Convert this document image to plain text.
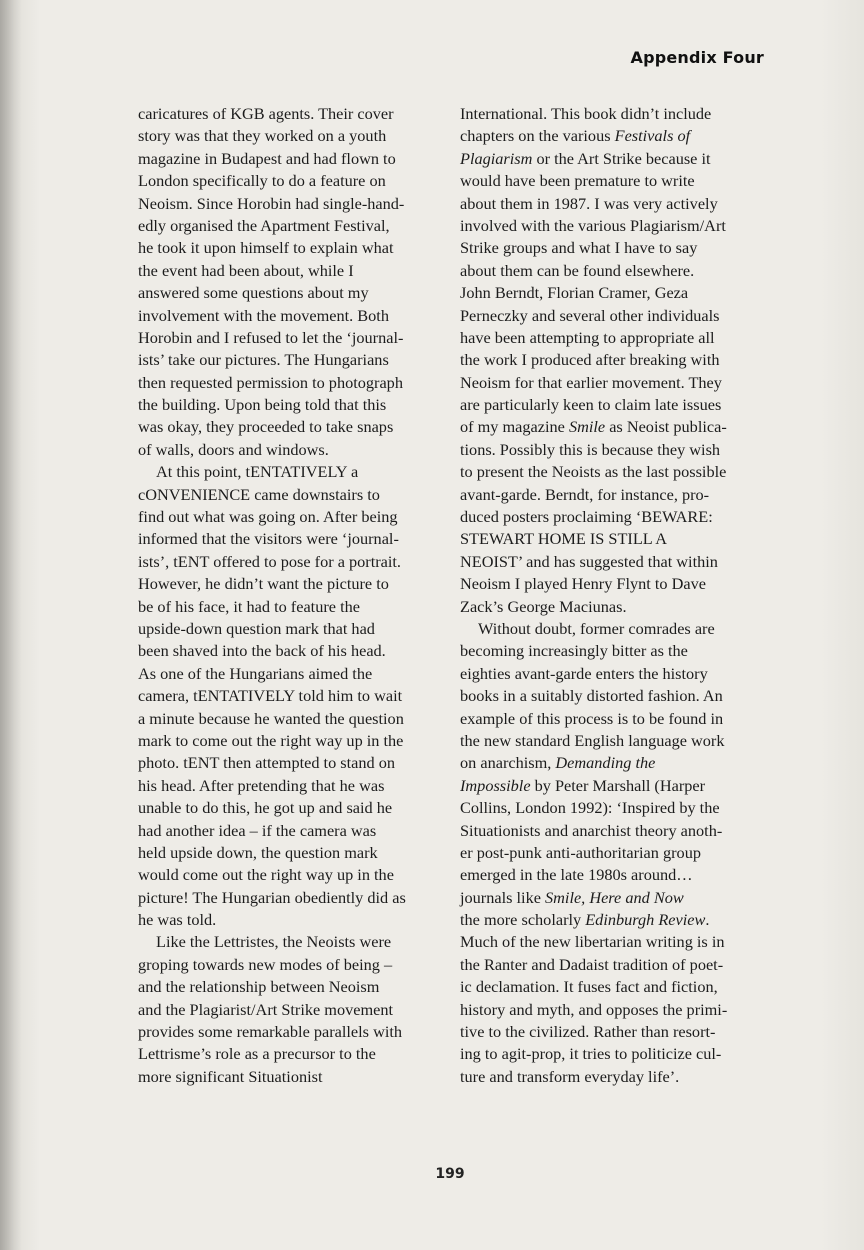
Appendix Four
caricatures of KGB agents. Their cover
story was that they worked on a youth
magazine in Budapest and had flown to
London specifically to do a feature on
Neoism. Since Horobin had single-hand-
edly organised the Apartment Festival,
he took it upon himself to explain what
the event had been about, while I
answered some questions about my
involvement with the movement. Both
Horobin and I refused to let the ‘journal-
ists’ take our pictures. The Hungarians
then requested permission to photograph
the building. Upon being told that this
was okay, they proceeded to take snaps
of walls, doors and windows.
At this point, tENTATIVELY a
cONVENIENCE came downstairs to
find out what was going on. After being
informed that the visitors were ‘journal-
ists’, tENT offered to pose for a portrait.
However, he didn’t want the picture to
be of his face, it had to feature the
upside-down question mark that had
been shaved into the back of his head.
As one of the Hungarians aimed the
camera, tENTATIVELY told him to wait
a minute because he wanted the question
mark to come out the right way up in the
photo. tENT then attempted to stand on
his head. After pretending that he was
unable to do this, he got up and said he
had another idea – if the camera was
held upside down, the question mark
would come out the right way up in the
picture! The Hungarian obediently did as
he was told.
Like the Lettristes, the Neoists were
groping towards new modes of being –
and the relationship between Neoism
and the Plagiarist/Art Strike movement
provides some remarkable parallels with
Lettrisme’s role as a precursor to the
more significant Situationist
International. This book didn’t include
chapters on the various Festivals of
Plagiarism or the Art Strike because it
would have been premature to write
about them in 1987. I was very actively
involved with the various Plagiarism/Art
Strike groups and what I have to say
about them can be found elsewhere.
John Berndt, Florian Cramer, Geza
Perneczky and several other individuals
have been attempting to appropriate all
the work I produced after breaking with
Neoism for that earlier movement. They
are particularly keen to claim late issues
of my magazine Smile as Neoist publica-
tions. Possibly this is because they wish
to present the Neoists as the last possible
avant-garde. Berndt, for instance, pro-
duced posters proclaiming ‘BEWARE:
STEWART HOME IS STILL A
NEOIST’ and has suggested that within
Neoism I played Henry Flynt to Dave
Zack’s George Maciunas.
Without doubt, former comrades are
becoming increasingly bitter as the
eighties avant-garde enters the history
books in a suitably distorted fashion. An
example of this process is to be found in
the new standard English language work
on anarchism, Demanding the
Impossible by Peter Marshall (Harper
Collins, London 1992): ‘Inspired by the
Situationists and anarchist theory anoth-
er post-punk anti-authoritarian group
emerged in the late 1980s around…
journals like Smile, Here and Now
the more scholarly Edinburgh Review.
Much of the new libertarian writing is in
the Ranter and Dadaist tradition of poet-
ic declamation. It fuses fact and fiction,
history and myth, and opposes the primi-
tive to the civilized. Rather than resort-
ing to agit-prop, it tries to politicize cul-
ture and transform everyday life’.
199
